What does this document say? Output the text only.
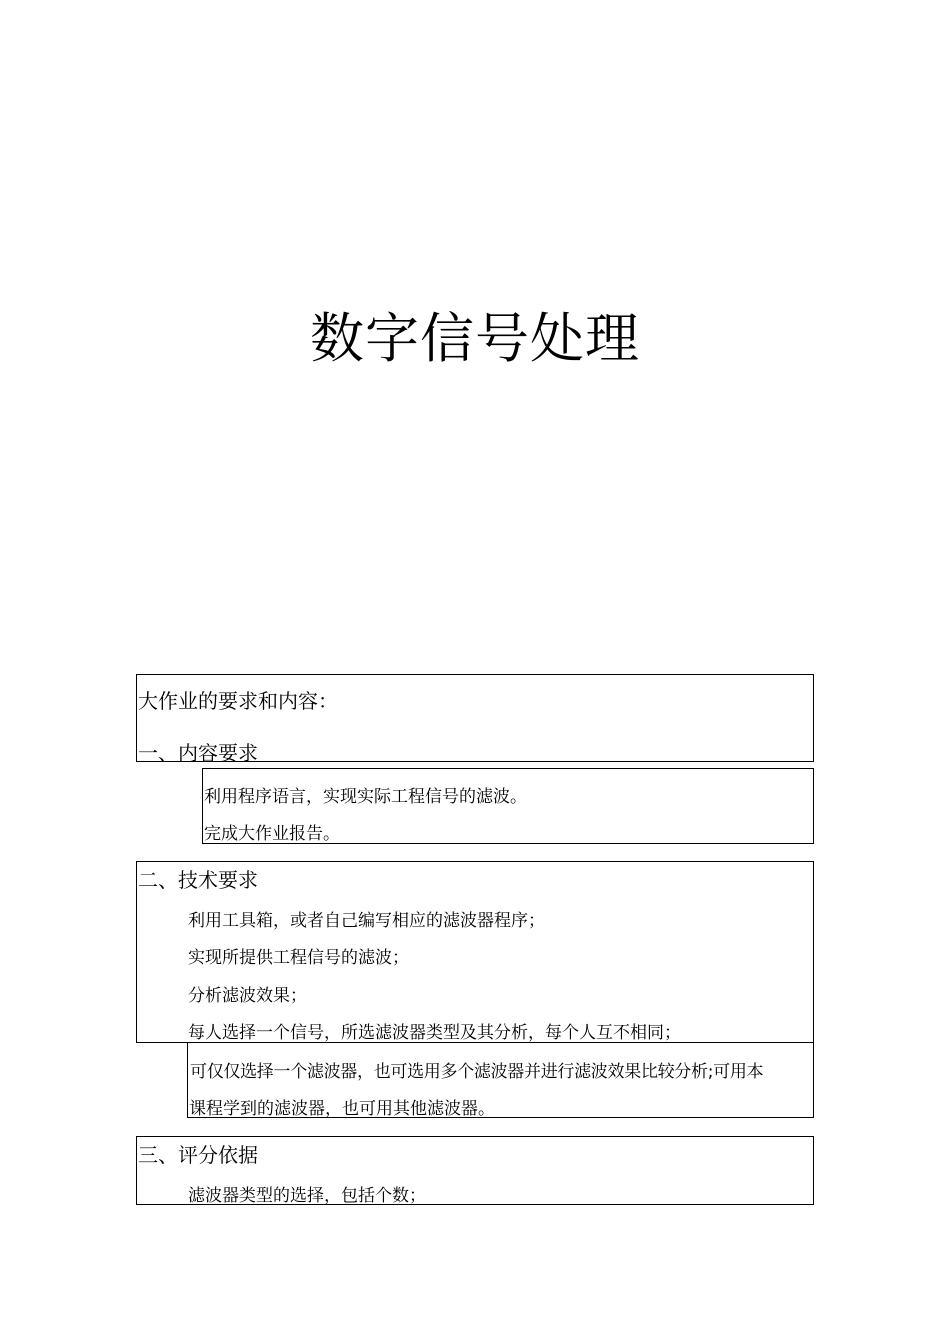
数字信号处理
大作业的要求和内容：
一、内容要求
利用程序语言，实现实际工程信号的滤波。
完成大作业报告。
二、技术要求
利用工具箱，或者自己编写相应的滤波器程序；
实现所提供工程信号的滤波；
分析滤波效果；
每人选择一个信号，所选滤波器类型及其分析，每个人互不相同；
可仅仅选择一个滤波器，也可选用多个滤波器并进行滤波效果比较分析;可用本
课程学到的滤波器，也可用其他滤波器。
三、评分依据
滤波器类型的选择，包括个数；
